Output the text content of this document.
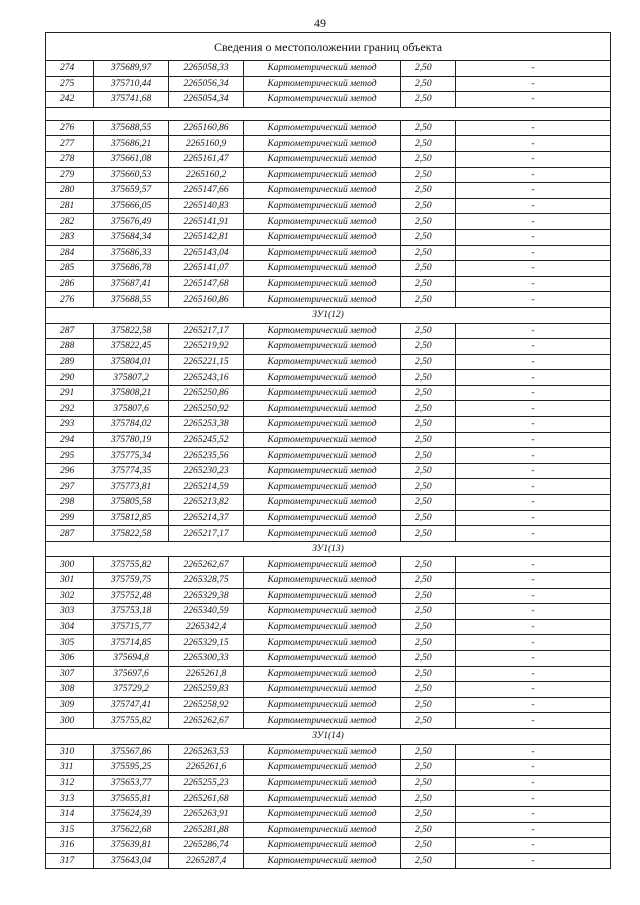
49
Сведения о местоположении границ объекта					
274	375689,97	2265058,33	Картометрический метод	2,50	-
275	375710,44	2265056,34	Картометрический метод	2,50	-
242	375741,68	2265054,34	Картометрический метод	2,50	-

276	375688,55	2265160,86	Картометрический метод	2,50	-
277	375686,21	2265160,9	Картометрический метод	2,50	-
278	375661,08	2265161,47	Картометрический метод	2,50	-
279	375660,53	2265160,2	Картометрический метод	2,50	-
280	375659,57	2265147,66	Картометрический метод	2,50	-
281	375666,05	2265140,83	Картометрический метод	2,50	-
282	375676,49	2265141,91	Картометрический метод	2,50	-
283	375684,34	2265142,81	Картометрический метод	2,50	-
284	375686,33	2265143,04	Картометрический метод	2,50	-
285	375686,78	2265141,07	Картометрический метод	2,50	-
286	375687,41	2265147,68	Картометрический метод	2,50	-
276	375688,55	2265160,86	Картометрический метод	2,50	-
ЗУ1(12)					
287	375822,58	2265217,17	Картометрический метод	2,50	-
288	375822,45	2265219,92	Картометрический метод	2,50	-
289	375804,01	2265221,15	Картометрический метод	2,50	-
290	375807,2	2265243,16	Картометрический метод	2,50	-
291	375808,21	2265250,86	Картометрический метод	2,50	-
292	375807,6	2265250,92	Картометрический метод	2,50	-
293	375784,02	2265253,38	Картометрический метод	2,50	-
294	375780,19	2265245,52	Картометрический метод	2,50	-
295	375775,34	2265235,56	Картометрический метод	2,50	-
296	375774,35	2265230,23	Картометрический метод	2,50	-
297	375773,81	2265214,59	Картометрический метод	2,50	-
298	375805,58	2265213,82	Картометрический метод	2,50	-
299	375812,85	2265214,37	Картометрический метод	2,50	-
287	375822,58	2265217,17	Картометрический метод	2,50	-
ЗУ1(13)					
300	375755,82	2265262,67	Картометрический метод	2,50	-
301	375759,75	2265328,75	Картометрический метод	2,50	-
302	375752,48	2265329,38	Картометрический метод	2,50	-
303	375753,18	2265340,59	Картометрический метод	2,50	-
304	375715,77	2265342,4	Картометрический метод	2,50	-
305	375714,85	2265329,15	Картометрический метод	2,50	-
306	375694,8	2265300,33	Картометрический метод	2,50	-
307	375697,6	2265261,8	Картометрический метод	2,50	-
308	375729,2	2265259,83	Картометрический метод	2,50	-
309	375747,41	2265258,92	Картометрический метод	2,50	-
300	375755,82	2265262,67	Картометрический метод	2,50	-
ЗУ1(14)					
310	375567,86	2265263,53	Картометрический метод	2,50	-
311	375595,25	2265261,6	Картометрический метод	2,50	-
312	375653,77	2265255,23	Картометрический метод	2,50	-
313	375655,81	2265261,68	Картометрический метод	2,50	-
314	375624,39	2265263,91	Картометрический метод	2,50	-
315	375622,68	2265281,88	Картометрический метод	2,50	-
316	375639,81	2265286,74	Картометрический метод	2,50	-
317	375643,04	2265287,4	Картометрический метод	2,50	-
